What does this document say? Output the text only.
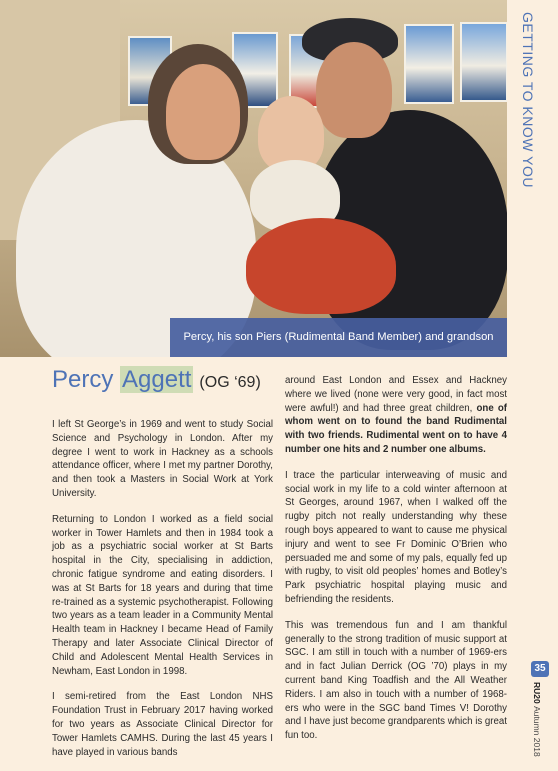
Percy, his son Piers (Rudimental Band Member) and grandson
GETTING TO KNOW YOU
35
RU20 Autumn 2018
Percy Aggett (OG ‘69)

I left St George’s in 1969 and went to study Social Science and Psychology in London. After my degree I went to work in Hackney as a schools attendance officer, where I met my partner Dorothy, and then took a Masters in Social Work at York University.

Returning to London I worked as a field social worker in Tower Hamlets and then in 1984 took a job as a psychiatric social worker at St Barts hospital in the City, specialising in addiction, chronic fatigue syndrome and eating disorders. I was at St Barts for 18 years and during that time re-trained as a systemic psychotherapist. Following two years as a team leader in a Community Mental Health team in Hackney I became Head of Family Therapy and later Associate Clinical Director of Child and Adolescent Mental Health Services in Newham, East London in 1998.

I semi-retired from the East London NHS Foundation Trust in February 2017 having worked for two years as Associate Clinical Director for Tower Hamlets CAMHS. During the last 45 years I have played in various bands

around East London and Essex and Hackney where we lived (none were very good, in fact most were awful!) and had three great children, one of whom went on to found the band Rudimental with two friends. Rudimental went on to have 4 number one hits and 2 number one albums.

I trace the particular interweaving of music and social work in my life to a cold winter afternoon at St Georges, around 1967, when I walked off the rugby pitch not really understanding why these rough boys appeared to want to cause me physical injury and went to see Fr Dominic O’Brien who persuaded me and some of my pals, equally fed up with rugby, to visit old peoples’ homes and Botley’s Park psychiatric hospital playing music and befriending the residents.

This was tremendous fun and I am thankful generally to the strong tradition of music support at SGC. I am still in touch with a number of 1969-ers and in fact Julian Derrick (OG ’70) plays in my current band King Toadfish and the All Weather Riders. I am also in touch with a number of 1968-ers who were in the SGC band Times V! Dorothy and I have just become grandparents which is great fun too.
